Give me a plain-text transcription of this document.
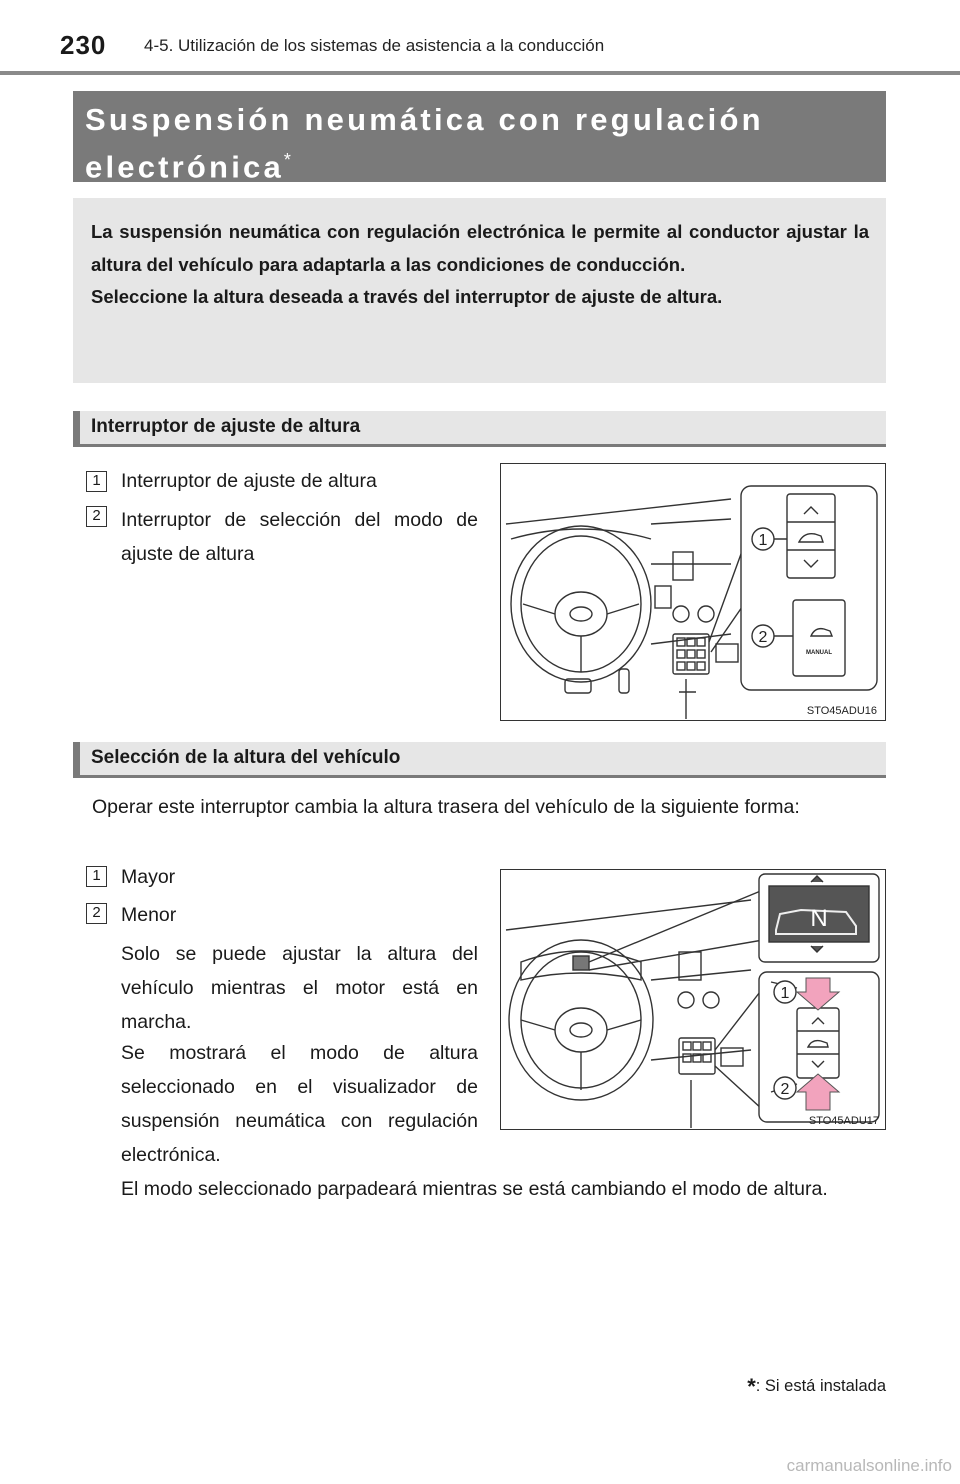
230 4-5. Utilización de los sistemas de asistencia a la conducción
Suspensión neumática con regulación
electrónica*
La suspensión neumática con regulación electrónica le permite al conductor ajustar la altura del vehículo para adaptarla a las condiciones de conducción.
Seleccione la altura deseada a través del interruptor de ajuste de altura.
Interruptor de ajuste de altura
1	Interruptor de ajuste de altura
2	Interruptor de selección del modo de ajuste de altura
1
2
MANUAL
STO45ADU16
Selección de la altura del vehículo
Operar este interruptor cambia la altura trasera del vehículo de la siguiente forma:
1	Mayor
2	Menor
Solo se puede ajustar la altura del vehículo mientras el motor está en marcha.
Se mostrará el modo de altura seleccionado en el visualizador de suspensión neumática con regulación electrónica.
El modo seleccionado parpadeará mientras se está cambiando el modo de altura.
N
1
2
STO45ADU17
*: Si está instalada
carmanualsonline.info
